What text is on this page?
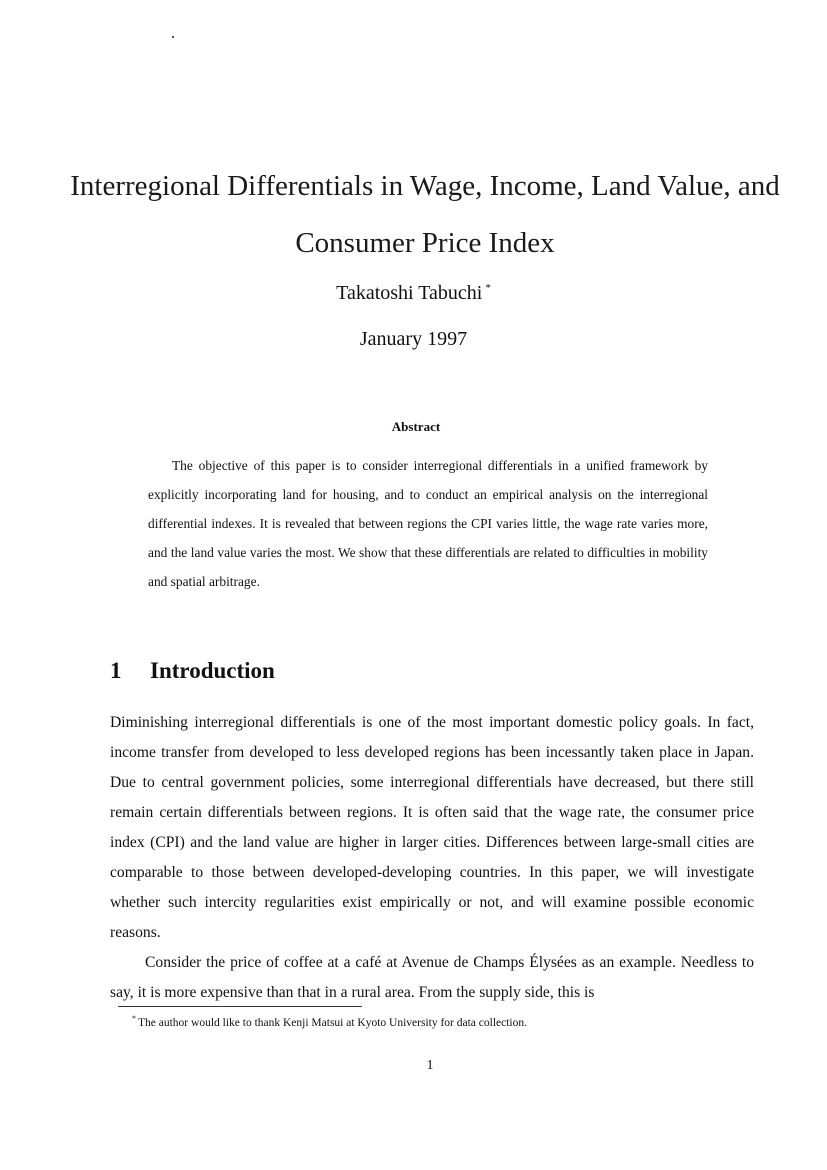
Interregional Differentials in Wage, Income, Land Value, and Consumer Price Index
Takatoshi Tabuchi *
January 1997
Abstract
The objective of this paper is to consider interregional differentials in a unified framework by explicitly incorporating land for housing, and to conduct an empirical analysis on the interregional differential indexes. It is revealed that between regions the CPI varies little, the wage rate varies more, and the land value varies the most. We show that these differentials are related to difficulties in mobility and spatial arbitrage.
1 Introduction

Diminishing interregional differentials is one of the most important domestic policy goals. In fact, income transfer from developed to less developed regions has been incessantly taken place in Japan. Due to central government policies, some interregional differentials have decreased, but there still remain certain differentials between regions. It is often said that the wage rate, the consumer price index (CPI) and the land value are higher in larger cities. Differences between large-small cities are comparable to those between developed-developing countries. In this paper, we will investigate whether such intercity regularities exist empirically or not, and will examine possible economic reasons.

Consider the price of coffee at a café at Avenue de Champs Élysées as an example. Needless to say, it is more expensive than that in a rural area. From the supply side, this is

* The author would like to thank Kenji Matsui at Kyoto University for data collection.
1
